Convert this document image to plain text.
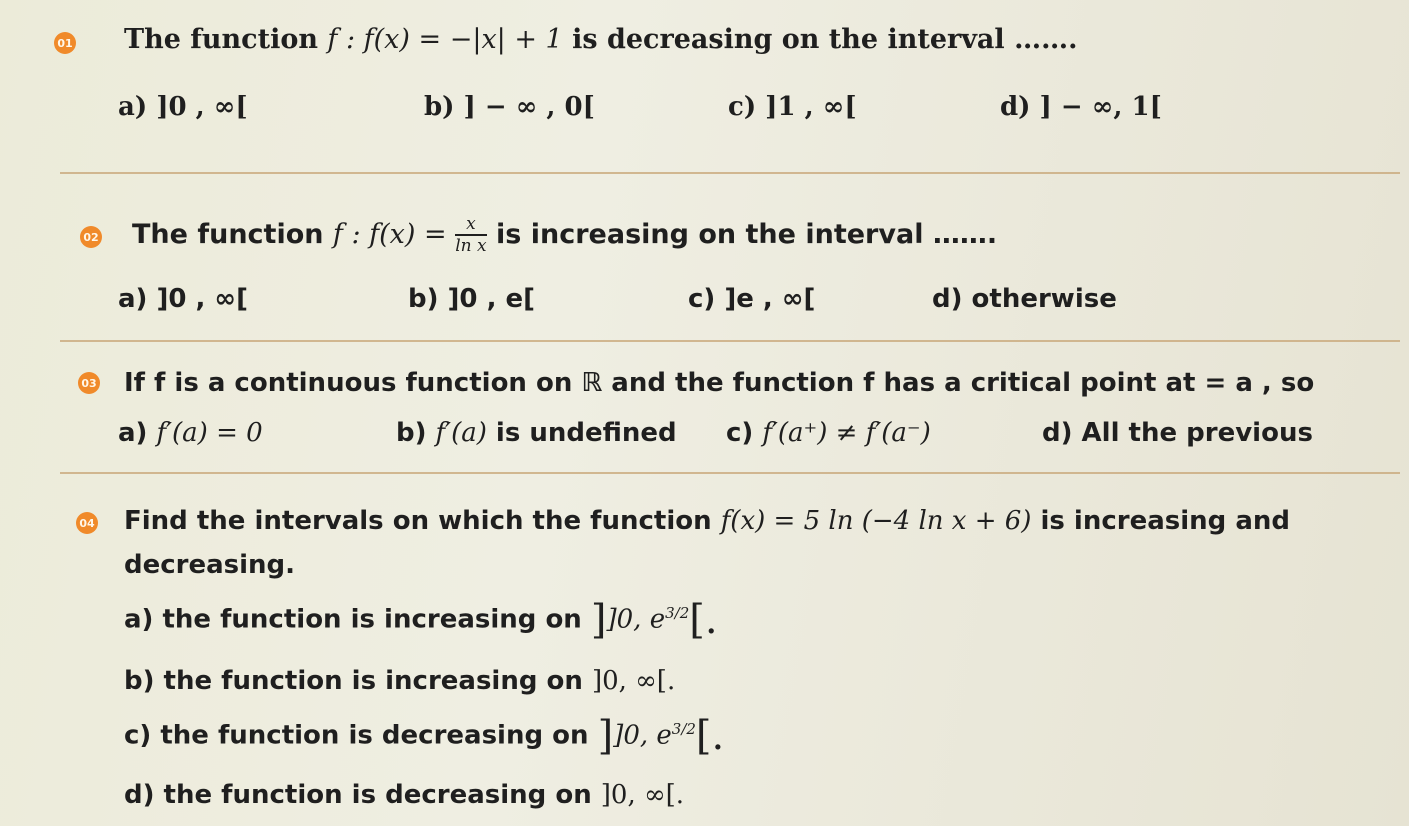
01 The function f : f(x) = −|x| + 1 is decreasing on the interval …….
a) ]0 , ∞[	b) ] − ∞ , 0[	c) ]1 , ∞[	d) ] − ∞, 1[
02 The function f : $f(x) = \frac{x}{\text{ln x}}$ is increasing on the interval …….
a) ]0 , ∞[	b) ]0 , e[	c) ]e , ∞[	d) otherwise
03 If f is a continuous function on ℝ and the function f has a critical point at = a , so
a) f′(a) = 0	b) f′(a) is undefined c) f′(a⁺) ≠ f′(a⁻)	d) All the previous
04 Find the intervals on which the function f(x) = 5 ln (−4 ln x + 6) is increasing and
decreasing.
a) the function is increasing on ]]0, $e^{3/2}$[.
b) the function is increasing on ]0, ∞[.
c) the function is decreasing on ]]0, $e^{3/2}$[.
d) the function is decreasing on ]0, ∞[.
